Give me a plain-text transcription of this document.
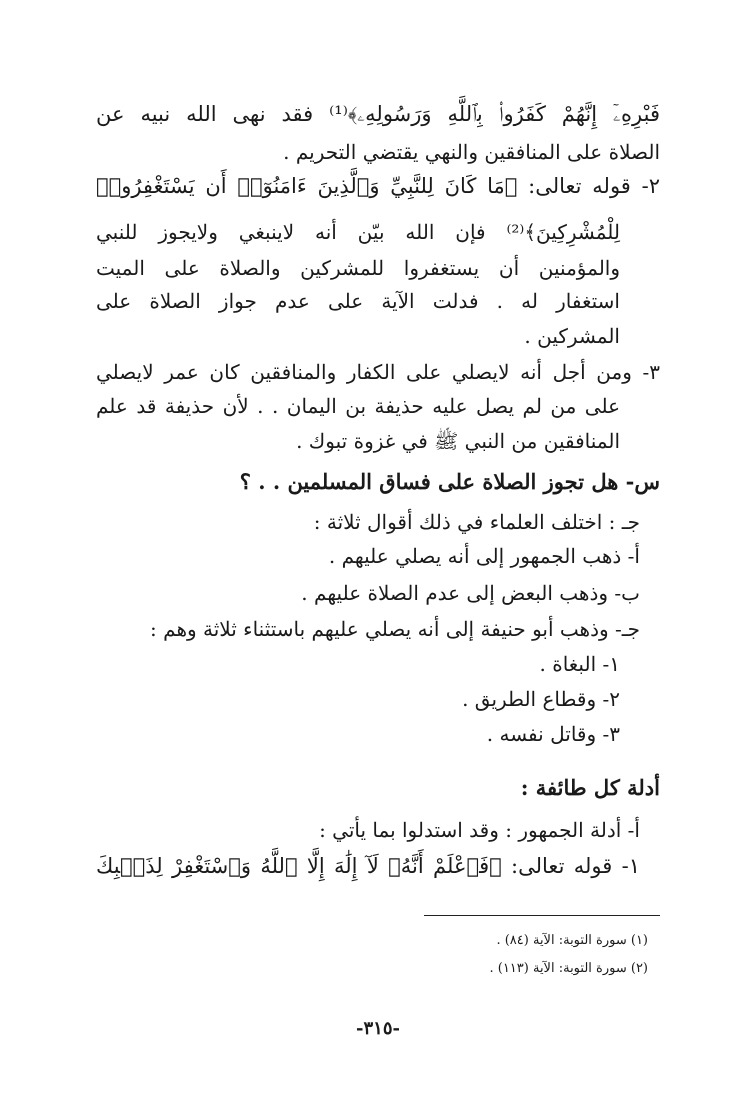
فَبْرِهِۦٓ إِنَّهُمْ كَفَرُوا۟ بِٱللَّهِ وَرَسُولِهِۦ﴾⁽¹⁾ فقد نهى الله نبيه عن
الصلاة على المنافقين والنهي يقتضي التحريم .
٢- قوله تعالى: ﴿مَا كَانَ لِلنَّبِيِّ وَٱلَّذِينَ ءَامَنُوٓا۟ أَن يَسْتَغْفِرُوا۟
لِلْمُشْرِكِينَ﴾⁽²⁾ فإن الله بيّن أنه لاينبغي ولايجوز للنبي
والمؤمنين أن يستغفروا للمشركين والصلاة على الميت
استغفار له . فدلت الآية على عدم جواز الصلاة على
المشركين .
٣- ومن أجل أنه لايصلي على الكفار والمنافقين كان عمر لايصلي
على من لم يصل عليه حذيفة بن اليمان . . لأن حذيفة قد علم
المنافقين من النبي ﷺ في غزوة تبوك .
س- هل تجوز الصلاة على فساق المسلمين . . ؟
جـ : اختلف العلماء في ذلك أقوال ثلاثة :
أ- ذهب الجمهور إلى أنه يصلي عليهم .
ب- وذهب البعض إلى عدم الصلاة عليهم .
جـ- وذهب أبو حنيفة إلى أنه يصلي عليهم باستثناء ثلاثة وهم :
١- البغاة .
٢- وقطاع الطريق .
٣- وقاتل نفسه .
أدلة كل طائفة :
أ- أدلة الجمهور : وقد استدلوا بما يأتي :
١- قوله تعالى: ﴿فَٱعْلَمْ أَنَّهُۥ لَآ إِلَٰهَ إِلَّا ٱللَّهُ وَٱسْتَغْفِرْ لِذَنۢبِكَ
(١) سورة التوبة: الآية (٨٤) .
(٢) سورة التوبة: الآية (١١٣) .
-٣١٥-
